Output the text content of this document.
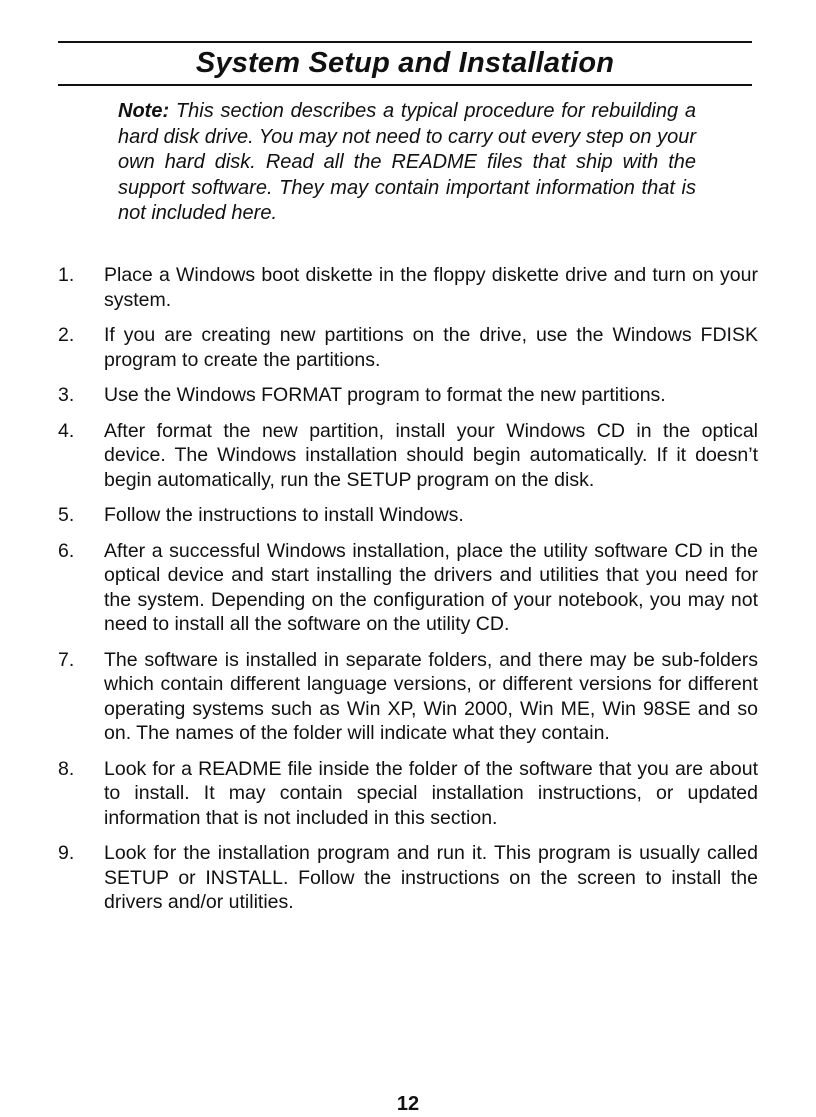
System Setup and Installation
Note: This section describes a typical procedure for rebuilding a hard disk drive. You may not need to carry out every step on your own hard disk. Read all the README files that ship with the support software. They may contain important information that is not included here.
1.	Place a Windows boot diskette in the floppy diskette drive and turn on your system.
2.	If you are creating new partitions on the drive, use the Windows FDISK program to create the partitions.
3.	Use the Windows FORMAT program to format the new partitions.
4.	After format the new partition, install your Windows CD in the optical device. The Windows installation should begin automatically. If it doesn’t begin automatically, run the SETUP program on the disk.
5.	Follow the instructions to install Windows.
6.	After a successful Windows installation, place the utility software CD in the optical device and start installing the drivers and utilities that you need for the system. Depending on the configuration of your notebook, you may not need to install all the software on the utility CD.
7.	The software is installed in separate folders, and there may be sub-folders which contain different language versions, or different versions for different operating systems such as Win XP, Win 2000, Win ME, Win 98SE and so on. The names of the folder will indicate what they contain.
8.	Look for a README file inside the folder of the software that you are about to install. It may contain special installation instructions, or updated information that is not included in this section.
9.	Look for the installation program and run it. This program is usually called SETUP or INSTALL. Follow the instructions on the screen to install the drivers and/or utilities.
12
